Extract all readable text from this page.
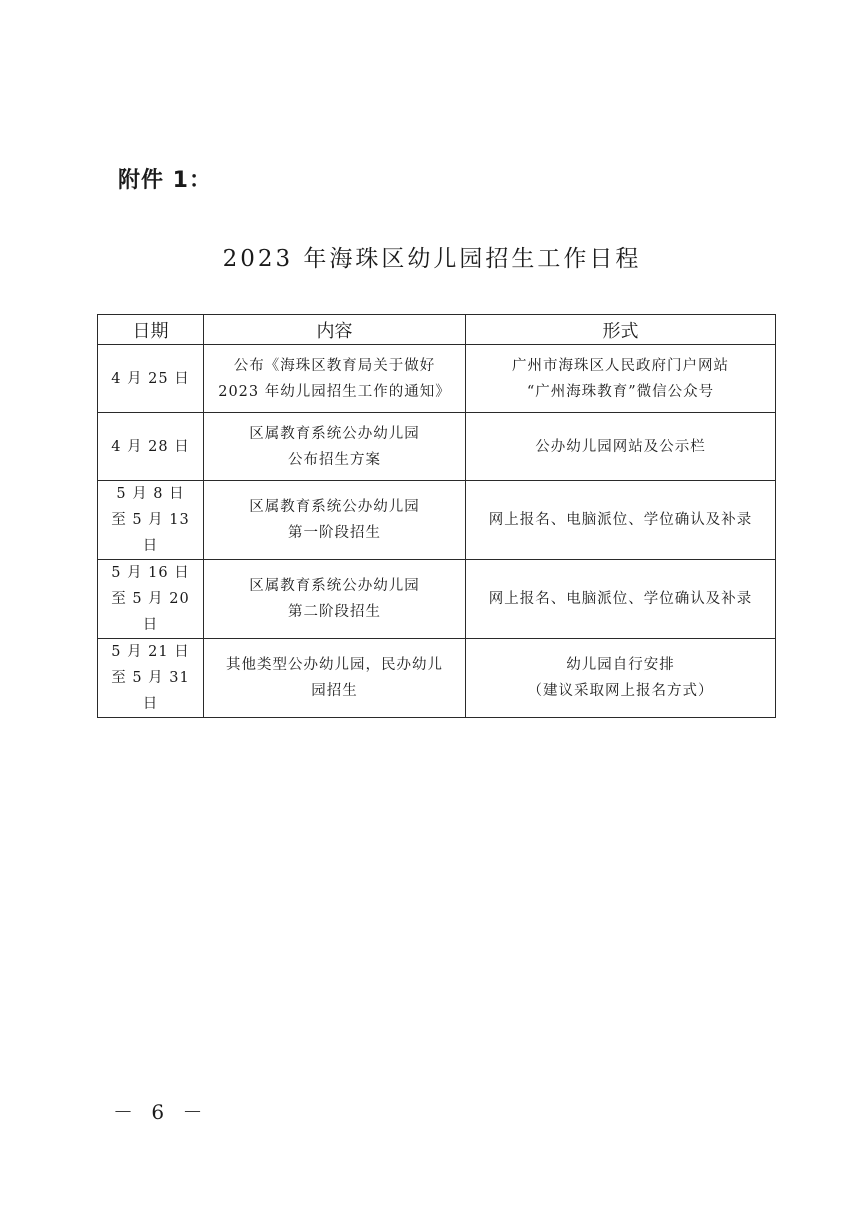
附件 1：
2023 年海珠区幼儿园招生工作日程
日期	内容	形式

4 月 25 日	公布《海珠区教育局关于做好
2023 年幼儿园招生工作的通知》	广州市海珠区人民政府门户网站
“广州海珠教育”微信公众号

4 月 28 日	区属教育系统公办幼儿园
公布招生方案	公办幼儿园网站及公示栏

5 月 8 日
至 5 月 13 日	区属教育系统公办幼儿园
第一阶段招生	网上报名、电脑派位、学位确认及补录

5 月 16 日
至 5 月 20 日	区属教育系统公办幼儿园
第二阶段招生	网上报名、电脑派位、学位确认及补录

5 月 21 日
至 5 月 31 日	其他类型公办幼儿园，民办幼儿
园招生	幼儿园自行安排
（建议采取网上报名方式）
－ 6 －
